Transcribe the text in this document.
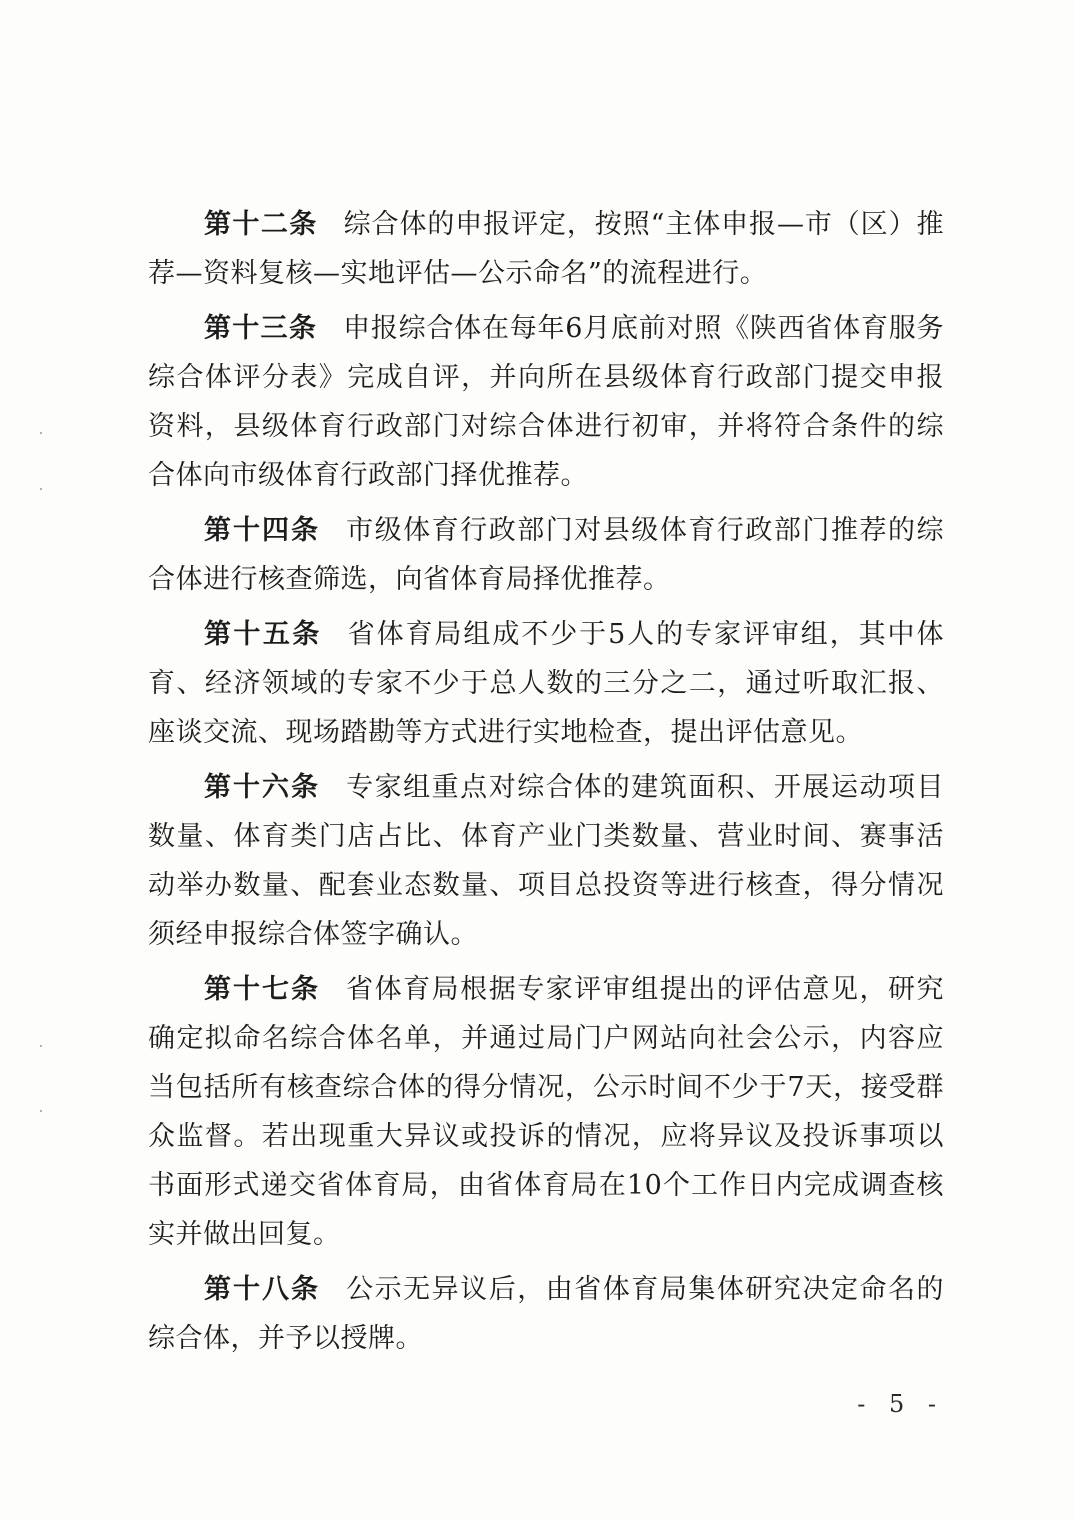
第十二条 综合体的申报评定，按照“主体申报—市（区）推荐—资料复核—实地评估—公示命名”的流程进行。

第十三条 申报综合体在每年6月底前对照《陕西省体育服务综合体评分表》完成自评，并向所在县级体育行政部门提交申报资料，县级体育行政部门对综合体进行初审，并将符合条件的综合体向市级体育行政部门择优推荐。

第十四条 市级体育行政部门对县级体育行政部门推荐的综合体进行核查筛选，向省体育局择优推荐。

第十五条 省体育局组成不少于5人的专家评审组，其中体育、经济领域的专家不少于总人数的三分之二，通过听取汇报、座谈交流、现场踏勘等方式进行实地检查，提出评估意见。

第十六条 专家组重点对综合体的建筑面积、开展运动项目数量、体育类门店占比、体育产业门类数量、营业时间、赛事活动举办数量、配套业态数量、项目总投资等进行核查，得分情况须经申报综合体签字确认。

第十七条 省体育局根据专家评审组提出的评估意见，研究确定拟命名综合体名单，并通过局门户网站向社会公示，内容应当包括所有核查综合体的得分情况，公示时间不少于7天，接受群众监督。若出现重大异议或投诉的情况，应将异议及投诉事项以书面形式递交省体育局，由省体育局在10个工作日内完成调查核实并做出回复。

第十八条 公示无异议后，由省体育局集体研究决定命名的综合体，并予以授牌。

- 5 -
